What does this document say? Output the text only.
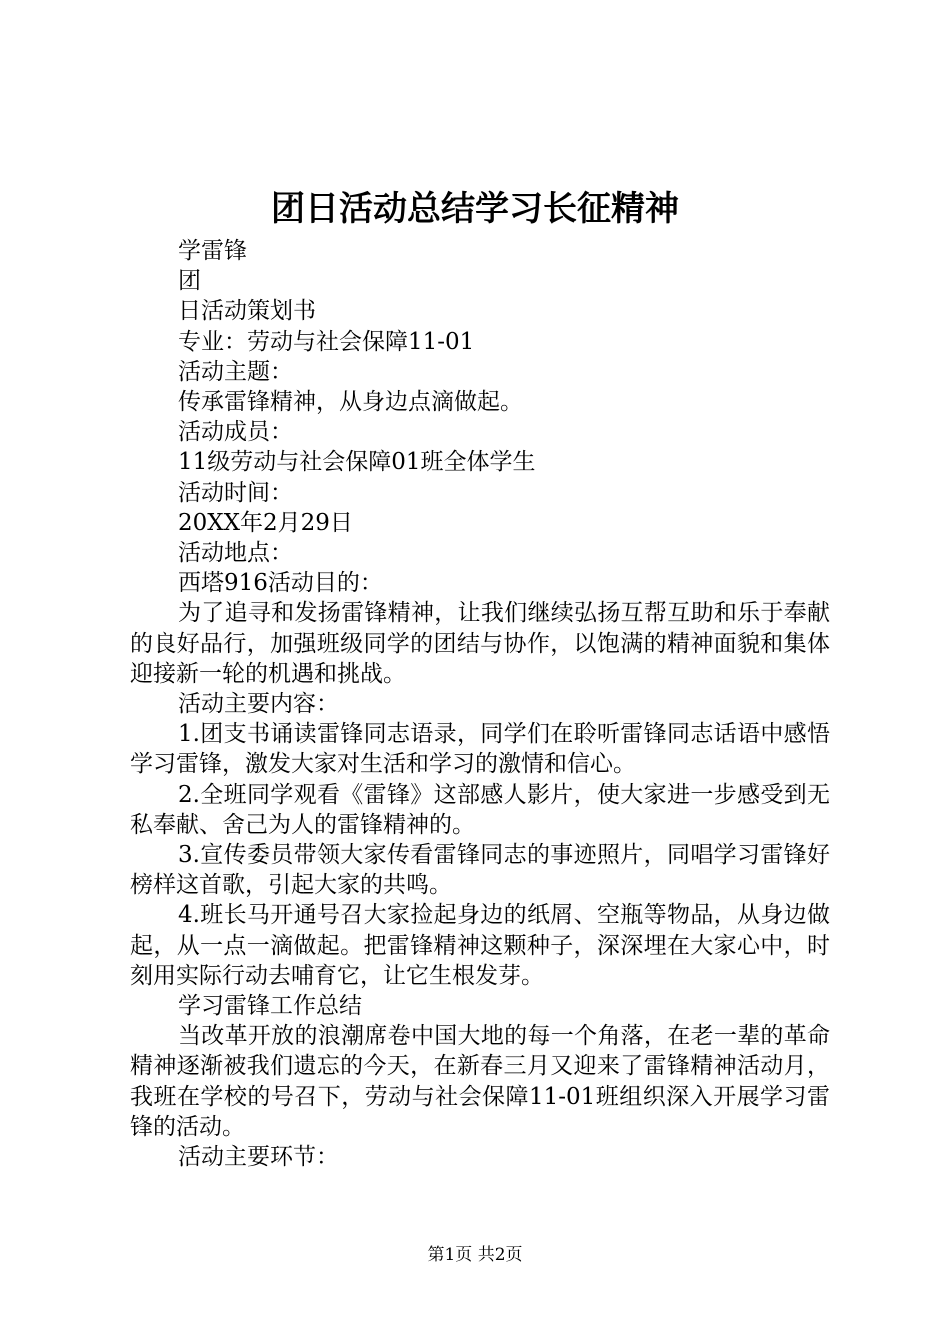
团日活动总结学习长征精神

学雷锋

团

日活动策划书

专业：劳动与社会保障11-01

活动主题：

传承雷锋精神，从身边点滴做起。

活动成员：

11级劳动与社会保障01班全体学生

活动时间：

20XX年2月29日

活动地点：

西塔916活动目的：

为了追寻和发扬雷锋精神，让我们继续弘扬互帮互助和乐于奉献的良好品行，加强班级同学的团结与协作，以饱满的精神面貌和集体迎接新一轮的机遇和挑战。

活动主要内容：

1.团支书诵读雷锋同志语录，同学们在聆听雷锋同志话语中感悟学习雷锋，激发大家对生活和学习的激情和信心。

2.全班同学观看《雷锋》这部感人影片，使大家进一步感受到无私奉献、舍己为人的雷锋精神的。

3.宣传委员带领大家传看雷锋同志的事迹照片，同唱学习雷锋好榜样这首歌，引起大家的共鸣。

4.班长马开通号召大家捡起身边的纸屑、空瓶等物品，从身边做起，从一点一滴做起。把雷锋精神这颗种子，深深埋在大家心中，时刻用实际行动去哺育它，让它生根发芽。

学习雷锋工作总结

当改革开放的浪潮席卷中国大地的每一个角落，在老一辈的革命精神逐渐被我们遗忘的今天，在新春三月又迎来了雷锋精神活动月，我班在学校的号召下，劳动与社会保障11-01班组织深入开展学习雷锋的活动。

活动主要环节：

第1页 共2页
